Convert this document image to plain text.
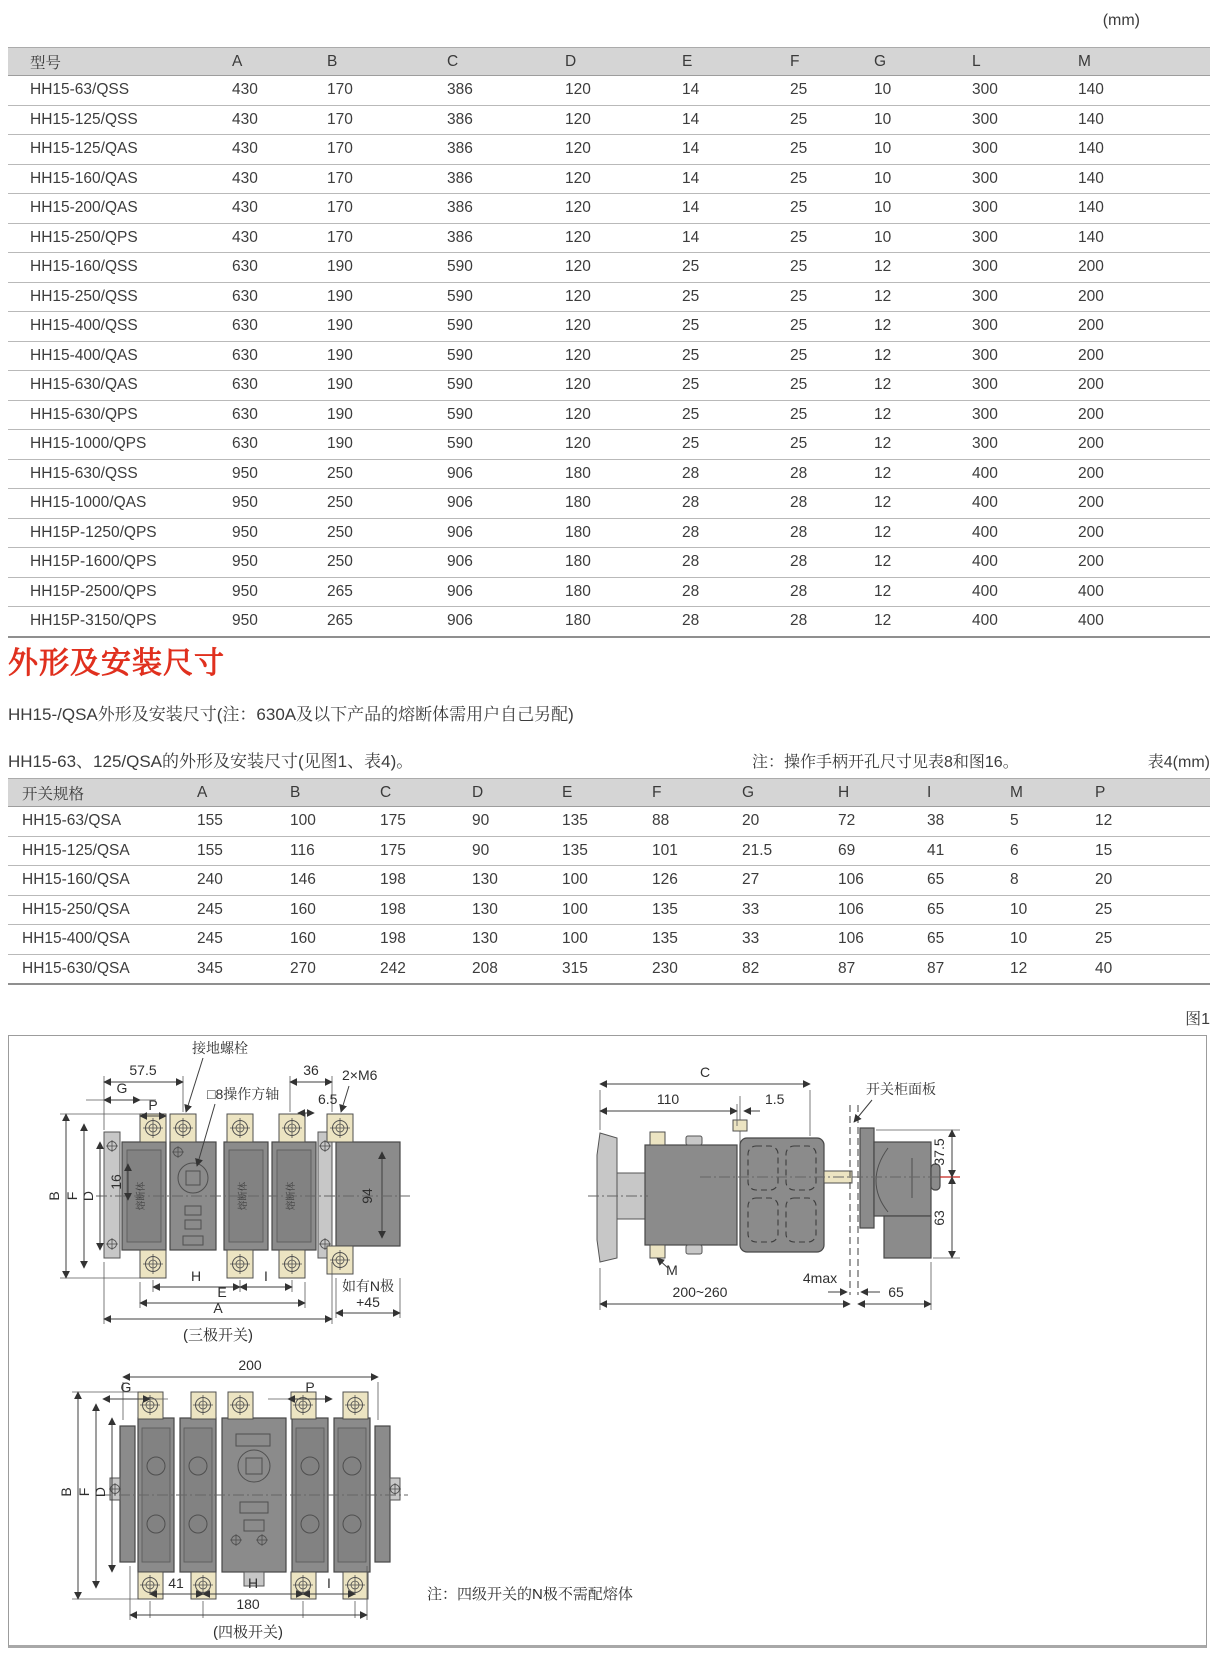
(mm)
型号	A	B	C	D	E	F	G	L	M
HH15-63/QSS	430	170	386	120	14	25	10	300	140
HH15-125/QSS	430	170	386	120	14	25	10	300	140
HH15-125/QAS	430	170	386	120	14	25	10	300	140
HH15-160/QAS	430	170	386	120	14	25	10	300	140
HH15-200/QAS	430	170	386	120	14	25	10	300	140
HH15-250/QPS	430	170	386	120	14	25	10	300	140
HH15-160/QSS	630	190	590	120	25	25	12	300	200
HH15-250/QSS	630	190	590	120	25	25	12	300	200
HH15-400/QSS	630	190	590	120	25	25	12	300	200
HH15-400/QAS	630	190	590	120	25	25	12	300	200
HH15-630/QAS	630	190	590	120	25	25	12	300	200
HH15-630/QPS	630	190	590	120	25	25	12	300	200
HH15-1000/QPS	630	190	590	120	25	25	12	300	200
HH15-630/QSS	950	250	906	180	28	28	12	400	200
HH15-1000/QAS	950	250	906	180	28	28	12	400	200
HH15P-1250/QPS	950	250	906	180	28	28	12	400	200
HH15P-1600/QPS	950	250	906	180	28	28	12	400	200
HH15P-2500/QPS	950	265	906	180	28	28	12	400	400
HH15P-3150/QPS	950	265	906	180	28	28	12	400	400
外形及安装尺寸
HH15-/QSA外形及安装尺寸(注：630A及以下产品的熔断体需用户自己另配)
HH15-63、125/QSA的外形及安装尺寸(见图1、表4)。	注：操作手柄开孔尺寸见表8和图16。	表4(mm)
开关规格	A	B	C	D	E	F	G	H	I	M	P
HH15-63/QSA	155	100	175	90	135	88	20	72	38	5	12
HH15-125/QSA	155	116	175	90	135	101	21.5	69	41	6	15
HH15-160/QSA	240	146	198	130	100	126	27	106	65	8	20
HH15-250/QSA	245	160	198	130	100	135	33	106	65	10	25
HH15-400/QSA	245	160	198	130	100	135	33	106	65	10	25
HH15-630/QSA	345	270	242	208	315	230	82	87	87	12	40
图1
熔断体	熔断体	熔断体	94
57.5
G
P
接地螺栓
□8操作方轴
36
6.5
2×M6
B F D
16
H	I
E
A
如有N极
+45
(三极开关)
开关柜面板
C
110	1.5
37.5
63
M	4max
200~260	65
200
G	P
B F D
41	H	I
180
(四极开关)
注：四级开关的N极不需配熔体
